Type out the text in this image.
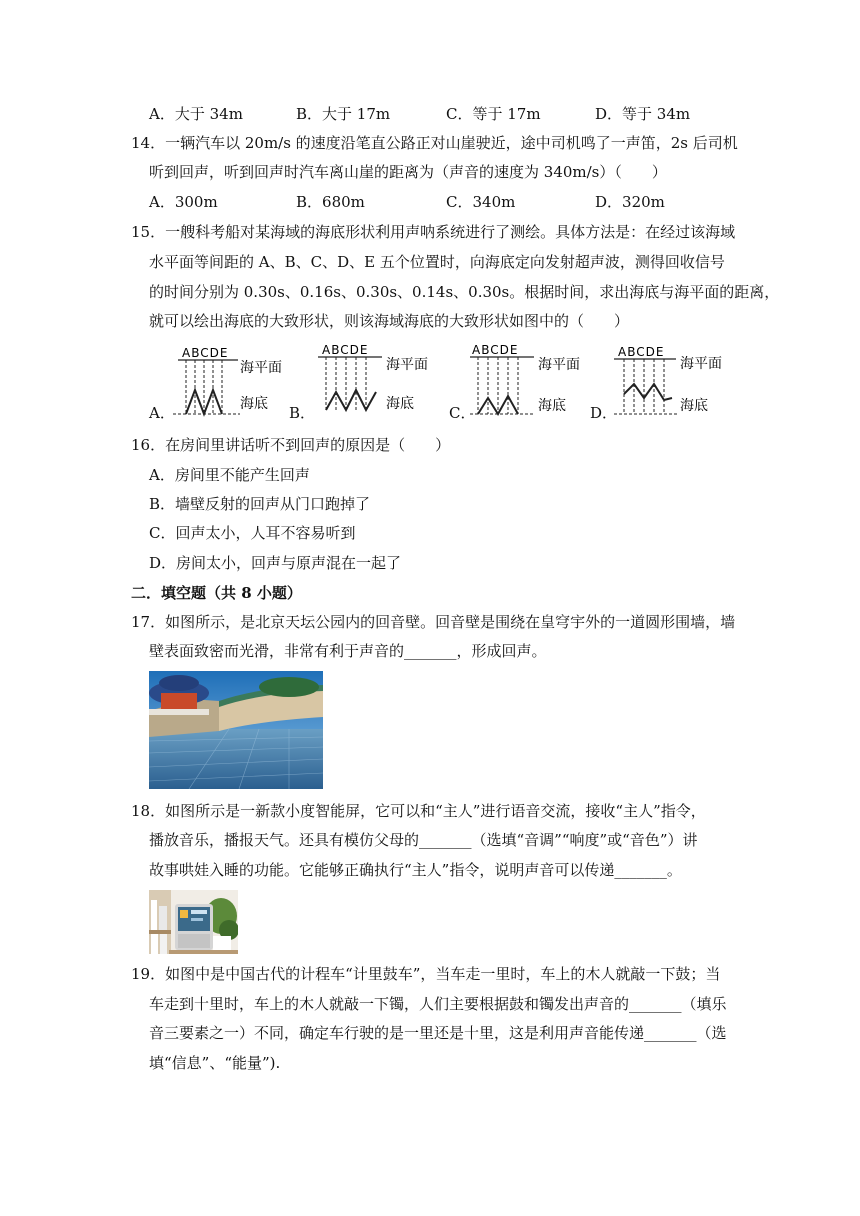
A．大于 34m	B．大于 17m	C．等于 17m	D．等于 34m
14．一辆汽车以 20m/s 的速度沿笔直公路正对山崖驶近，途中司机鸣了一声笛，2s 后司机
听到回声，听到回声时汽车离山崖的距离为（声音的速度为 340m/s）（　　）
A．300m	B．680m	C．340m	D．320m
15．一艘科考船对某海域的海底形状利用声呐系统进行了测绘。具体方法是：在经过该海域
水平面等间距的 A、B、C、D、E 五个位置时，向海底定向发射超声波，测得回收信号
的时间分别为 0.30s、0.16s、0.30s、0.14s、0.30s。根据时间，求出海底与海平面的距离，
就可以绘出海底的大致形状，则该海域海底的大致形状如图中的（　　）
A．
ABCDE
海平面
海底 B．
ABCDE
海平面
海底 C．
ABCDE
海平面
海底 D．
ABCDE
海平面
海底
16．在房间里讲话听不到回声的原因是（　　）
A．房间里不能产生回声
B．墙壁反射的回声从门口跑掉了
C．回声太小，人耳不容易听到
D．房间太小，回声与原声混在一起了
二．填空题（共 8 小题）
17．如图所示，是北京天坛公园内的回音壁。回音壁是围绕在皇穹宇外的一道圆形围墙，墙
壁表面致密而光滑，非常有利于声音的_______，形成回声。
18．如图所示是一新款小度智能屏，它可以和“主人”进行语音交流，接收“主人”指令，
播放音乐，播报天气。还具有模仿父母的_______（选填“音调”“响度”或“音色”）讲
故事哄娃入睡的功能。它能够正确执行“主人”指令，说明声音可以传递_______。
19．如图中是中国古代的计程车“计里鼓车”，当车走一里时，车上的木人就敲一下鼓；当
车走到十里时，车上的木人就敲一下镯，人们主要根据鼓和镯发出声音的_______（填乐
音三要素之一）不同，确定车行驶的是一里还是十里，这是利用声音能传递_______（选
填“信息”、“能量”).
